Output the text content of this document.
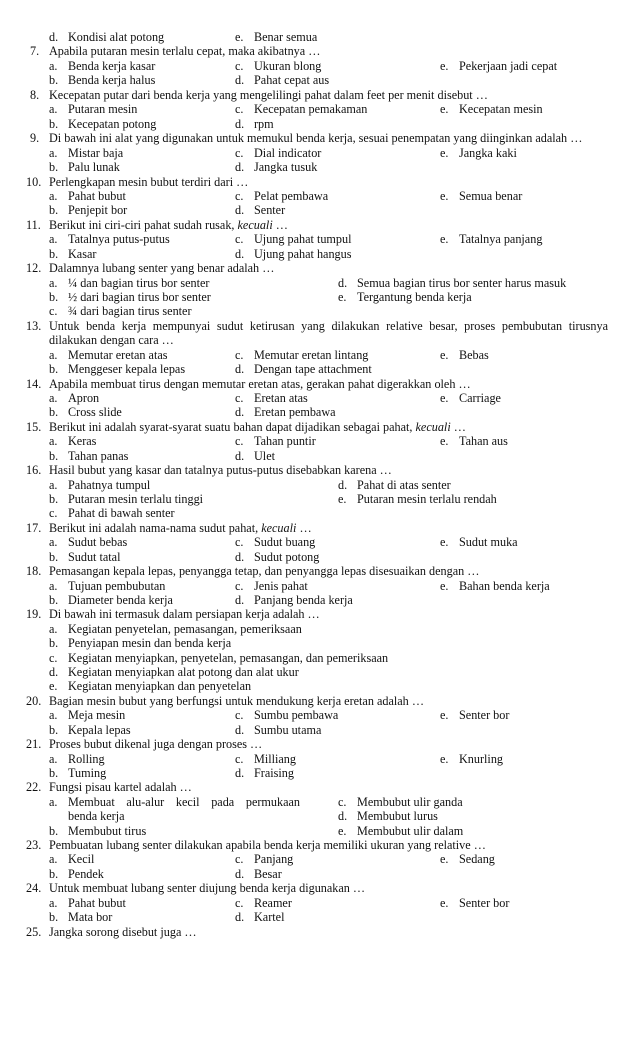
d. Kondisi alat potong	e. Benar semua
7. Apabila putaran mesin terlalu cepat, maka akibatnya …
a. Benda kerja kasar	c. Ukuran blong	e. Pekerjaan jadi cepat
b. Benda kerja halus	d. Pahat cepat aus
8. Kecepatan putar dari benda kerja yang mengelilingi pahat dalam feet per menit disebut …
a. Putaran mesin	c. Kecepatan pemakaman	e. Kecepatan mesin
b. Kecepatan potong	d. rpm
9. Di bawah ini alat yang digunakan untuk memukul benda kerja, sesuai penempatan yang diinginkan adalah …
a. Mistar baja	c. Dial indicator	e. Jangka kaki
b. Palu lunak	d. Jangka tusuk
10. Perlengkapan mesin bubut terdiri dari …
a. Pahat bubut	c. Pelat pembawa	e. Semua benar
b. Penjepit bor	d. Senter
11. Berikut ini ciri-ciri pahat sudah rusak, kecuali …
a. Tatalnya putus-putus	c. Ujung pahat tumpul	e. Tatalnya panjang
b. Kasar	d. Ujung pahat hangus
12. Dalamnya lubang senter yang benar adalah …
a. ¼ dan bagian tirus bor senter	d. Semua bagian tirus bor senter harus masuk
b. ½ dari bagian tirus bor senter	e. Tergantung benda kerja
c. ¾ dari bagian tirus senter
13. Untuk benda kerja mempunyai sudut ketirusan yang dilakukan relative besar, proses pembubutan tirusnya
dilakukan dengan cara …
a. Memutar eretan atas	c. Memutar eretan lintang	e. Bebas
b. Menggeser kepala lepas	d. Dengan tape attachment
14. Apabila membuat tirus dengan memutar eretan atas, gerakan pahat digerakkan oleh …
a. Apron	c. Eretan atas	e. Carriage
b. Cross slide	d. Eretan pembawa
15. Berikut ini adalah syarat-syarat suatu bahan dapat dijadikan sebagai pahat, kecuali …
a. Keras	c. Tahan puntir	e. Tahan aus
b. Tahan panas	d. Ulet
16. Hasil bubut yang kasar dan tatalnya putus-putus disebabkan karena …
a. Pahatnya tumpul	d. Pahat di atas senter
b. Putaran mesin terlalu tinggi	e. Putaran mesin terlalu rendah
c. Pahat di bawah senter
17. Berikut ini adalah nama-nama sudut pahat, kecuali …
a. Sudut bebas	c. Sudut buang	e. Sudut muka
b. Sudut tatal	d. Sudut potong
18. Pemasangan kepala lepas, penyangga tetap, dan penyangga lepas disesuaikan dengan …
a. Tujuan pembubutan	c. Jenis pahat	e. Bahan benda kerja
b. Diameter benda kerja	d. Panjang benda kerja
19. Di bawah ini termasuk dalam persiapan kerja adalah …
a. Kegiatan penyetelan, pemasangan, pemeriksaan
b. Penyiapan mesin dan benda kerja
c. Kegiatan menyiapkan, penyetelan, pemasangan, dan pemeriksaan
d. Kegiatan menyiapkan alat potong dan alat ukur
e. Kegiatan menyiapkan dan penyetelan
20. Bagian mesin bubut yang berfungsi untuk mendukung kerja eretan adalah …
a. Meja mesin	c. Sumbu pembawa	e. Senter bor
b. Kepala lepas	d. Sumbu utama
21. Proses bubut dikenal juga dengan proses …
a. Rolling	c. Milliang	e. Knurling
b. Tuming	d. Fraising
22. Fungsi pisau kartel adalah …
a. Membuat alu-alur kecil pada permukaan	c. Membubut ulir ganda
benda kerja	d. Membubut lurus
b. Membubut tirus	e. Membubut ulir dalam
23. Pembuatan lubang senter dilakukan apabila benda kerja memiliki ukuran yang relative …
a. Kecil	c. Panjang	e. Sedang
b. Pendek	d. Besar
24. Untuk membuat lubang senter diujung benda kerja digunakan …
a. Pahat bubut	c. Reamer	e. Senter bor
b. Mata bor	d. Kartel
25. Jangka sorong disebut juga …
